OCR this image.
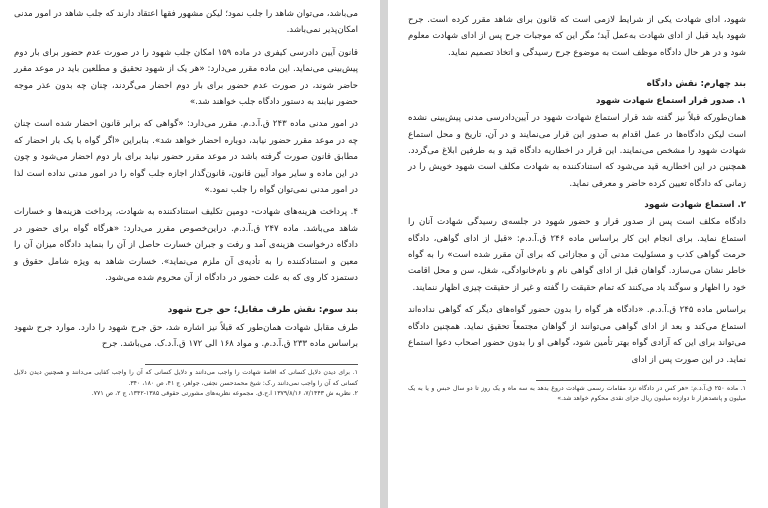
می‌باشد، می‌توان شاهد را جلب نمود؛ لیکن مشهور فقها اعتقاد دارند که جلب شاهد در امور مدنی امکان‌پذیر نمی‌باشد.

قانون آیین دادرسی کیفری در ماده ۱۵۹ امکان جلب شهود را در صورت عدم حضور برای بار دوم پیش‌بینی می‌نماید. این ماده مقرر می‌دارد: «هر یک از شهود تحقیق و مطلعین باید در موعد مقرر حاضر شوند، در صورت عدم حضور برای بار دوم احضار می‌گردند، چنان چه بدون عذر موجه حضور نیابند به دستور دادگاه جلب خواهند شد.»

در امور مدنی ماده ۲۴۳ ق.آ.د.م. مقرر می‌دارد: «گواهی که برابر قانون احضار شده است چنان چه در موعد مقرر حضور نیابد، دوباره احضار خواهد شد». بنابراین «اگر گواه با یک بار احضار که مطابق قانون صورت گرفته باشد در موعد مقرر حضور نیابد برای بار دوم احضار می‌شود و چون در این ماده و سایر مواد آیین قانون، قانون‌گذار اجازه جلب گواه را در امور مدنی نداده است لذا در امور مدنی نمی‌توان گواه را جلب نمود.»

۴. پرداخت هزینه‌های شهادت- دومین تکلیف استنادکننده به شهادت، پرداخت هزینه‌ها و خسارات شاهد می‌باشد. ماده ۲۴۷ ق.آ.د.م. دراین‌خصوص مقرر می‌دارد: «هرگاه گواه برای حضور در دادگاه درخواست هزینه‌ی آمد و رفت و جبران خسارت حاصل از آن را بنماید دادگاه میزان آن را معین و استنادکننده را به تأدیه‌ی آن ملزم می‌نماید». خسارت شاهد به ویژه شامل حقوق و دستمزد کار وی که به علت حضور در دادگاه از آن محروم شده می‌شود.

بند سوم: نقش طرف مقابل؛ حق جرح شهود

طرف مقابل شهادت همان‌طور که قبلاً نیز اشاره شد، حق جرح شهود را دارد. موارد جرح شهود براساس ماده ۲۳۳ ق.آ.د.م. و مواد ۱۶۸ الی ۱۷۲ ق.آ.د.ک. می‌باشد. جرح

۱. برای دیدن دلایل کسانی که اقامهٔ شهادت را واجب می‌دانند و دلایل کسانی که آن را واجب کفایی می‌دانند و همچنین دیدن دلایل کسانی که آن را واجب نمی‌دانند ر.ک: شیخ محمدحسن نجفی، جواهر، ج ۴۱، ص ۱۸۰، ۳۴۰.

۲. نظریه ش ۷/۱۴۴۳، ۱۳۷۹/۸/۱۶ ا.ح.ق. مجموعه نظریه‌های مشورتی حقوقی ۱۳۸۵-۱۳۴۲، ج ۲، ص ۷۷۱.

شهود، ادای شهادت یکی از شرایط لازمی است که قانون برای شاهد مقرر کرده است. جرح شهود باید قبل از ادای شهادت به‌عمل آید؛ مگر این که موجبات جرح پس از ادای شهادت معلوم شود و در هر حال دادگاه موظف است به موضوع جرح رسیدگی و اتخاذ تصمیم نماید.

بند چهارم: نقش دادگاه
۱. صدور قرار استماع شهادت شهود

همان‌طورکه قبلاً نیز گفته شد قرار استماع شهادت شهود در آیین‌دادرسی مدنی پیش‌بینی نشده است لیکن دادگاه‌ها در عمل اقدام به صدور این قرار می‌نمایند و در آن، تاریخ و محل استماع شهادت شهود را مشخص می‌نمایند. این قرار در اخطاریه دادگاه قید و به طرفین ابلاغ می‌گردد. همچنین در این اخطاریه قید می‌شود که استنادکننده به شهادت مکلف است شهود خویش را در زمانی که دادگاه تعیین کرده حاضر و معرفی نماید.

۲. استماع شهادت شهود

دادگاه مکلف است پس از صدور قرار و حضور شهود در جلسه‌ی رسیدگی شهادت آنان را استماع نماید. برای انجام این کار براساس ماده ۲۴۶ ق.آ.د.م: «قبل از ادای گواهی، دادگاه حرمت گواهی کذب و مسئولیت مدنی آن و مجازاتی که برای آن مقرر شده است» را به گواه خاطر نشان می‌سازد. گواهان قبل از ادای گواهی نام و نام‌خانوادگی، شغل، سن و محل اقامت خود را اظهار و سوگند یاد می‌کنند که تمام حقیقت را گفته و غیر از حقیقت چیزی اظهار ننمایند.

براساس ماده ۲۴۵ ق.آ.د.م. «دادگاه هر گواه را بدون حضور گواه‌های دیگر که گواهی نداده‌اند استماع می‌کند و بعد از ادای گواهی می‌توانند از گواهان مجتمعاً تحقیق نماید. همچنین دادگاه می‌تواند برای این که آزادی گواه بهتر تأمین شود، گواهی او را بدون حضور اصحاب دعوا استماع نماید. در این صورت پس از ادای

۱. ماده ۲۵۰ ق.آ.د.م: «هر کس در دادگاه نزد مقامات رسمی شهادت دروغ بدهد به سه ماه و یک روز تا دو سال حبس و یا به یک میلیون و پانصدهزار تا دوازده میلیون ریال جزای نقدی محکوم خواهد شد.»
